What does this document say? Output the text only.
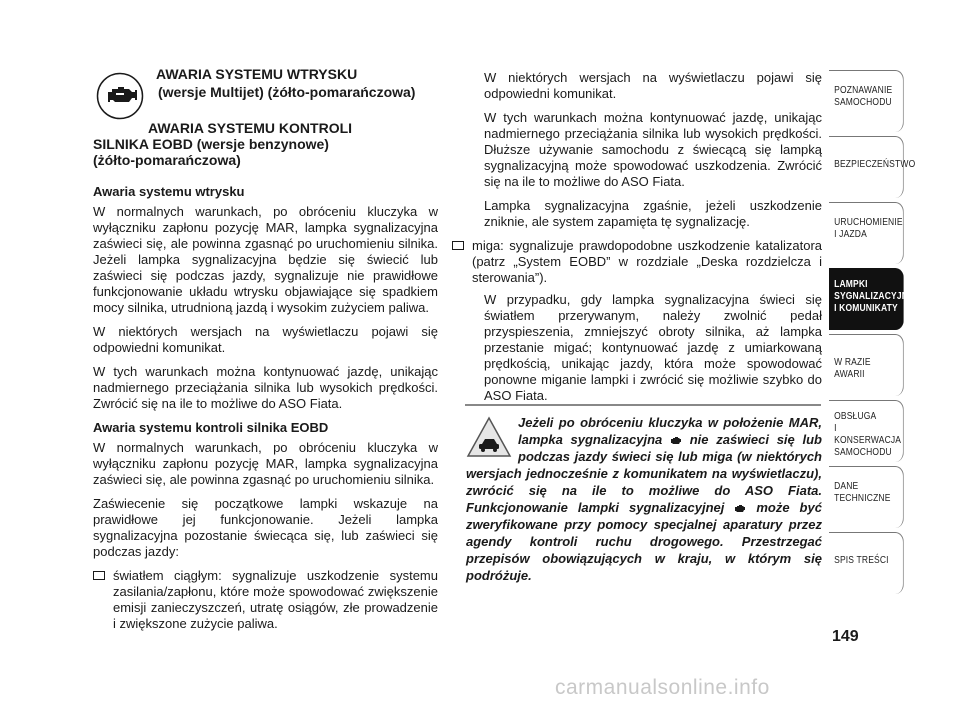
AWARIA SYSTEMU WTRYSKU
(wersje Multijet) (żółto-pomarańczowa)
AWARIA SYSTEMU KONTROLI
SILNIKA EOBD (wersje benzynowe)
(żółto-pomarańczowa)
Awaria systemu wtrysku

W normalnych warunkach, po obróceniu kluczyka w wyłączniku zapłonu pozycję MAR, lampka sygnalizacyjna zaświeci się, ale powinna zgasnąć po uruchomieniu silnika. Jeżeli lampka sygnalizacyjna będzie się świecić lub zaświeci się podczas jazdy, sygnalizuje nie prawidłowe funkcjonowanie układu wtrysku objawiające się spadkiem mocy silnika, utrudnioną jazdą i wysokim zużyciem paliwa.

W niektórych wersjach na wyświetlaczu pojawi się odpowiedni komunikat.

W tych warunkach można kontynuować jazdę, unikając nadmiernego przeciążania silnika lub wysokich prędkości. Zwrócić się na ile to możliwe do ASO Fiata.

Awaria systemu kontroli silnika EOBD

W normalnych warunkach, po obróceniu kluczyka w wyłączniku zapłonu pozycję MAR, lampka sygnalizacyjna zaświeci się, ale powinna zgasnąć po uruchomieniu silnika.

Zaświecenie się początkowe lampki wskazuje na prawidłowe jej funkcjonowanie. Jeżeli lampka sygnalizacyjna pozostanie świecąca się, lub zaświeci się podczas jazdy:

światłem ciągłym: sygnalizuje uszkodzenie systemu zasilania/zapłonu, które może spowodować zwiększenie emisji zanieczyszczeń, utratę osiągów, złe prowadzenie i zwiększone zużycie paliwa.

W niektórych wersjach na wyświetlaczu pojawi się odpowiedni komunikat.

W tych warunkach można kontynuować jazdę, unikając nadmiernego przeciążania silnika lub wysokich prędkości. Dłuższe używanie samochodu z świecącą się lampką sygnalizacyjną może spowodować uszkodzenia. Zwrócić się na ile to możliwe do ASO Fiata.

Lampka sygnalizacyjna zgaśnie, jeżeli uszkodzenie zniknie, ale system zapamięta tę sygnalizację.

miga: sygnalizuje prawdopodobne uszkodzenie katalizatora (patrz „System EOBD” w rozdziale „Deska rozdzielcza i sterowania”).

W przypadku, gdy lampka sygnalizacyjna świeci się światłem przerywanym, należy zwolnić pedał przyspieszenia, zmniejszyć obroty silnika, aż lampka przestanie migać; kontynuować jazdę z umiarkowaną prędkością, unikając jazdy, która może spowodować ponowne miganie lampki i zwrócić się możliwie szybko do ASO Fiata.

Jeżeli po obróceniu kluczyka w położenie MAR, lampka sygnalizacyjna nie zaświeci się lub podczas jazdy świeci się lub miga (w niektórych wersjach jednocześnie z komunikatem na wyświetlaczu), zwrócić się na ile to możliwe do ASO Fiata. Funkcjonowanie lampki sygnalizacyjnej może być zweryfikowane przy pomocy specjalnej aparatury przez agendy kontroli ruchu drogowego. Przestrzegać przepisów obowiązujących w kraju, w którym się podróżuje.
POZNAWANIE
SAMOCHODU
BEZPIECZEŃSTWO
URUCHOMIENIE
I JAZDA
LAMPKI
SYGNALIZACYJNE
I KOMUNIKATY
W RAZIE AWARII
OBSŁUGA
I KONSERWACJA
SAMOCHODU
DANE
TECHNICZNE
SPIS TREŚCI
149
carmanualsonline.info
